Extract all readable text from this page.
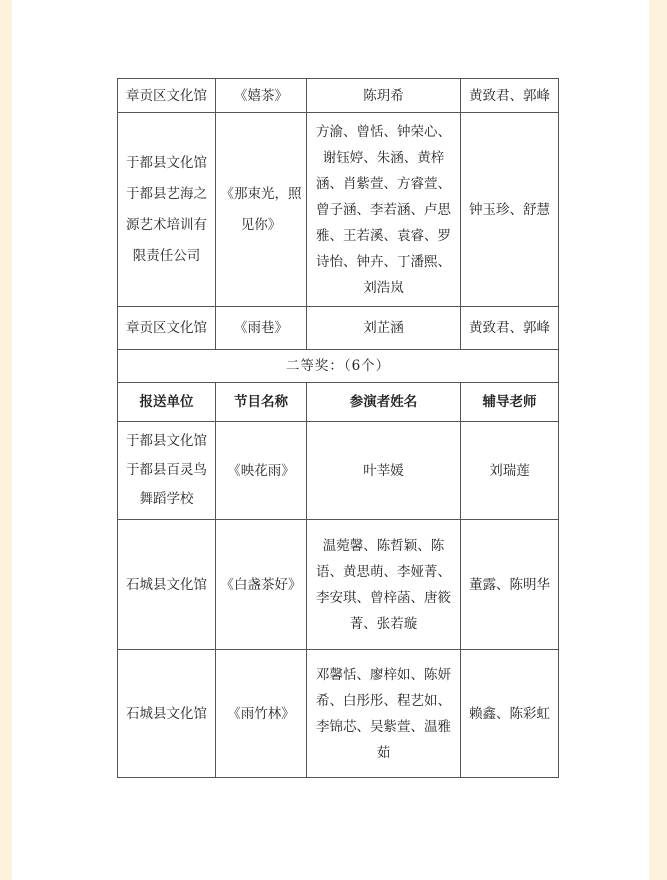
章贡区文化馆	《嬉茶》	陈玥希	黄致君、郭峰
于都县文化馆于都县艺海之源艺术培训有限责任公司	《那束光，照见你》	方渝、曾恬、钟荣心、谢钰婷、朱涵、黄梓涵、肖紫萱、方睿萱、曾子涵、李若涵、卢思雅、王若溪、袁睿、罗诗怡、钟卉、丁潘熙、刘浩岚	钟玉珍、舒慧
章贡区文化馆	《雨巷》	刘芷涵	黄致君、郭峰
二等奖：（6个）			
报送单位	节目名称	参演者姓名	辅导老师
于都县文化馆于都县百灵鸟舞蹈学校	《映花雨》	叶莘媛	刘瑞莲
石城县文化馆	《白盏茶好》	温菀馨、陈哲颖、陈语、黄思萌、李娅菁、李安琪、曾梓菡、唐筱菁、张若璇	董露、陈明华
石城县文化馆	《雨竹林》	邓馨恬、廖梓如、陈妍希、白彤彤、程艺如、李锦芯、吴紫萱、温雅茹	赖鑫、陈彩虹
